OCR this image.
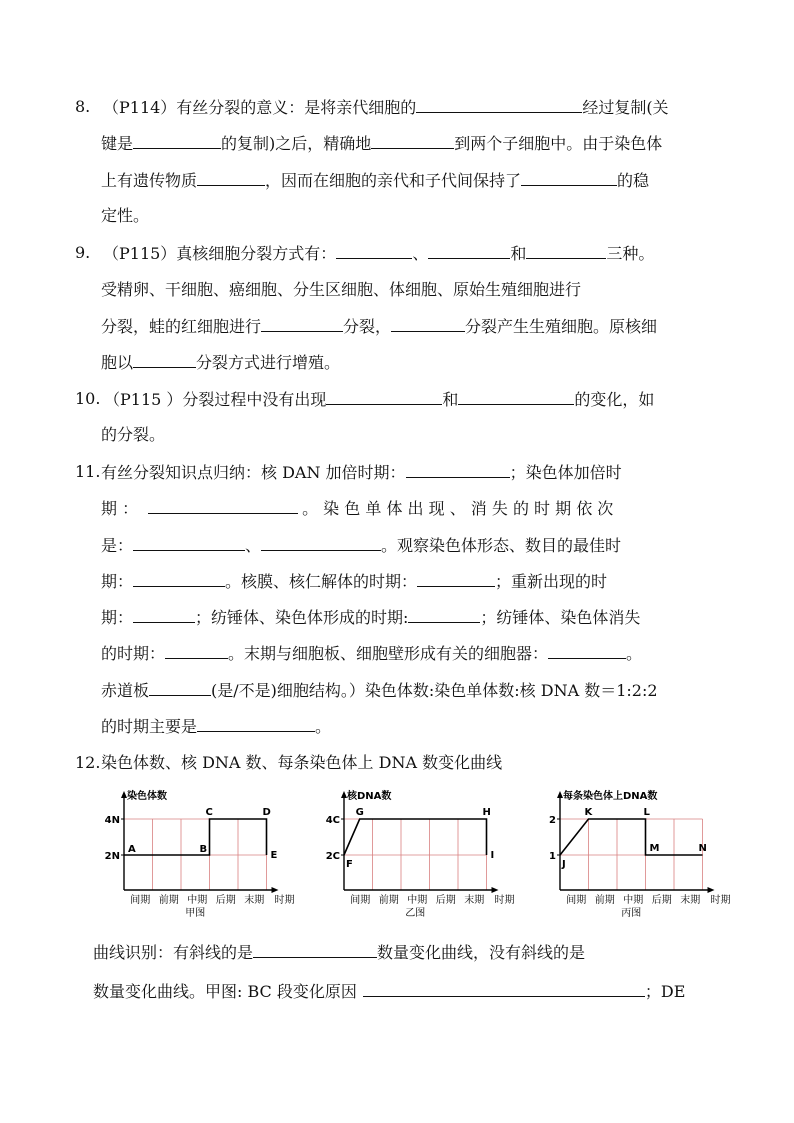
8. （P114）有丝分裂的意义：是将亲代细胞的	经过复制(关
键是	的复制)之后，精确地	到两个子细胞中。由于染色体
上有遗传物质	，因而在细胞的亲代和子代间保持了	的稳
定性。
9. （P115）真核细胞分裂方式有：	、	和	三种。
受精卵、干细胞、癌细胞、分生区细胞、体细胞、原始生殖细胞进行
分裂，蛙的红细胞进行	分裂，	分裂产生生殖细胞。原核细
胞以	分裂方式进行增殖。
10. （P115 ）分裂过程中没有出现	和	的变化，如
的分裂。
11. 有丝分裂知识点归纳：核 DAN 加倍时期：	；染色体加倍时
期 ：	。 染 色 单 体 出 现 、 消 失 的 时 期 依 次
是：	、	。观察染色体形态、数目的最佳时
期：	。核膜、核仁解体的时期：	；重新出现的时
期：	；纺锤体、染色体形成的时期:	；纺锤体、染色体消失
的时期：	。末期与细胞板、细胞壁形成有关的细胞器：	。
赤道板	(是/不是)细胞结构。）染色体数:染色单体数:核 DNA 数＝1:2:2
的时期主要是	。
12. 染色体数、核 DNA 数、每条染色体上 DNA 数变化曲线
染色体数
2N
4N
间期 前期 中期 后期 末期 时期
甲图
A	B
C	D
E
核DNA数
2C
4C
间期 前期 中期 后期 末期 时期
乙图
F
G	H
I
每条染色体上DNA数
1
2
间期 前期 中期 后期 末期 时期
丙图
J
K	L
M	N
曲线识别：有斜线的是	数量变化曲线，没有斜线的是
数量变化曲线。甲图: BC 段变化原因	；DE
